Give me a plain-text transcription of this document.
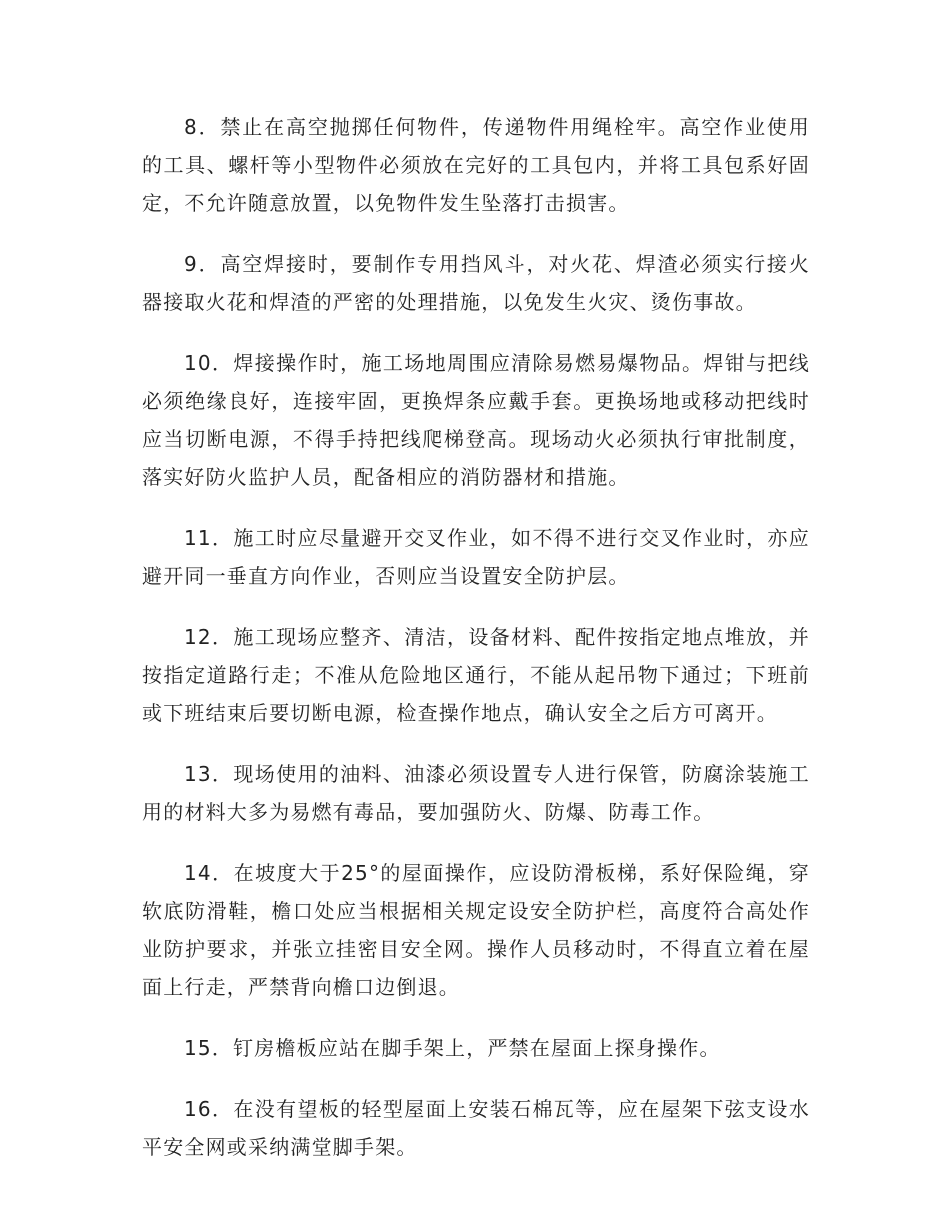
8．禁止在高空抛掷任何物件，传递物件用绳栓牢。高空作业使用的工具、螺杆等小型物件必须放在完好的工具包内，并将工具包系好固定，不允许随意放置，以免物件发生坠落打击损害。

9．高空焊接时，要制作专用挡风斗，对火花、焊渣必须实行接火器接取火花和焊渣的严密的处理措施，以免发生火灾、烫伤事故。

10．焊接操作时，施工场地周围应清除易燃易爆物品。焊钳与把线必须绝缘良好，连接牢固，更换焊条应戴手套。更换场地或移动把线时应当切断电源，不得手持把线爬梯登高。现场动火必须执行审批制度，落实好防火监护人员，配备相应的消防器材和措施。

11．施工时应尽量避开交叉作业，如不得不进行交叉作业时，亦应避开同一垂直方向作业，否则应当设置安全防护层。

12．施工现场应整齐、清洁，设备材料、配件按指定地点堆放，并按指定道路行走；不准从危险地区通行，不能从起吊物下通过；下班前或下班结束后要切断电源，检查操作地点，确认安全之后方可离开。

13．现场使用的油料、油漆必须设置专人进行保管，防腐涂装施工用的材料大多为易燃有毒品，要加强防火、防爆、防毒工作。

14．在坡度大于25°的屋面操作，应设防滑板梯，系好保险绳，穿软底防滑鞋，檐口处应当根据相关规定设安全防护栏，高度符合高处作业防护要求，并张立挂密目安全网。操作人员移动时，不得直立着在屋面上行走，严禁背向檐口边倒退。

15．钉房檐板应站在脚手架上，严禁在屋面上探身操作。

16．在没有望板的轻型屋面上安装石棉瓦等，应在屋架下弦支设水平安全网或采纳满堂脚手架。
